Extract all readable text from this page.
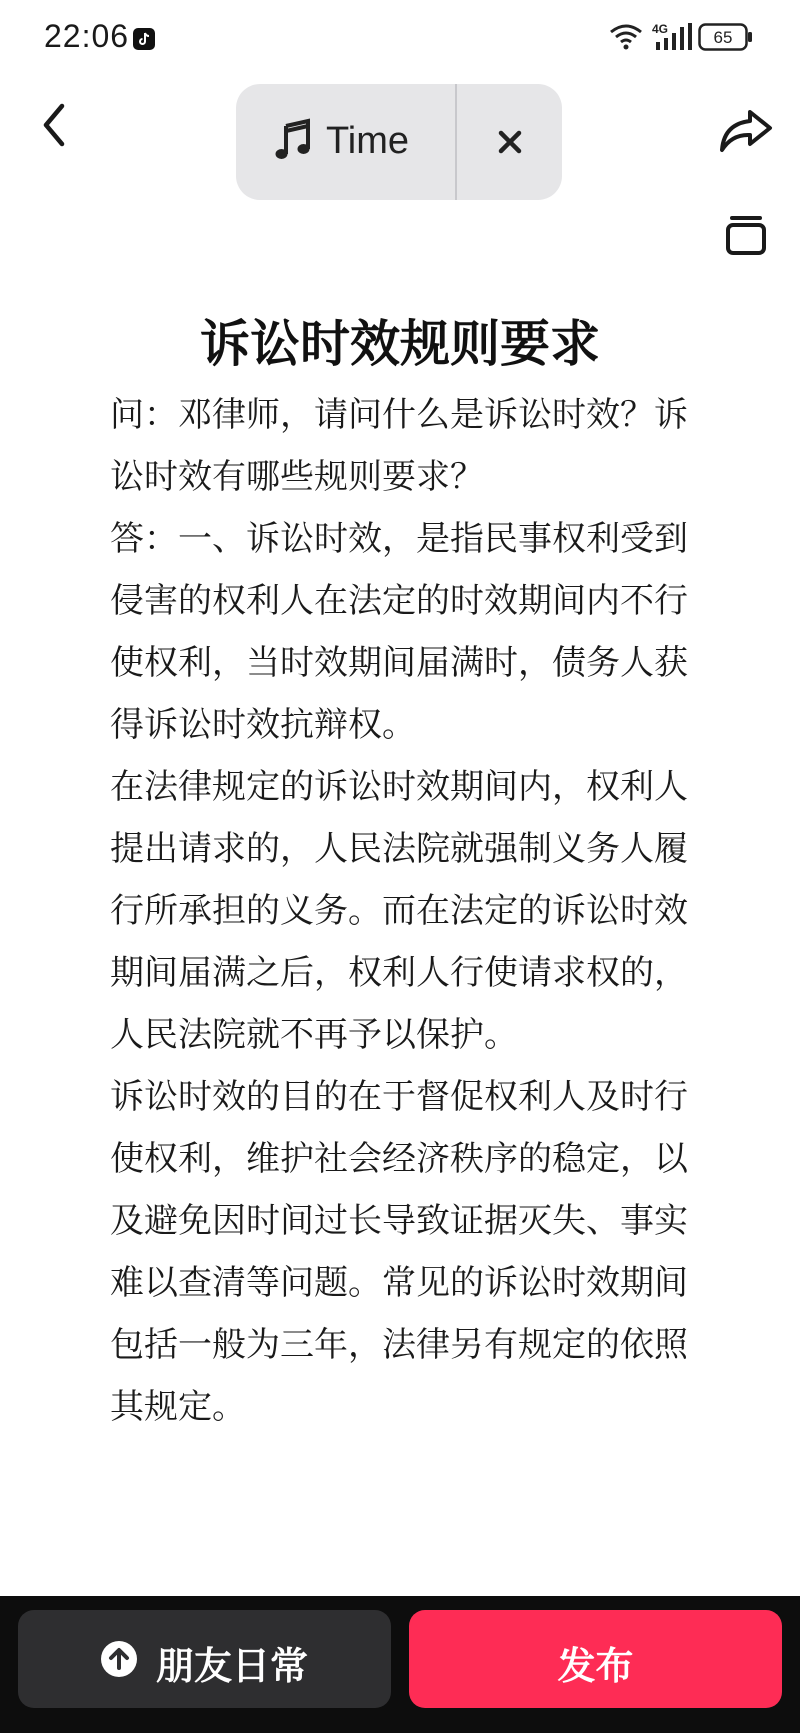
22:06	4G	65
Time
诉讼时效规则要求

问：邓律师，请问什么是诉讼时效？诉讼时效有哪些规则要求？

答：一、诉讼时效，是指民事权利受到侵害的权利人在法定的时效期间内不行使权利，当时效期间届满时，债务人获得诉讼时效抗辩权。

在法律规定的诉讼时效期间内，权利人提出请求的，人民法院就强制义务人履行所承担的义务。而在法定的诉讼时效期间届满之后，权利人行使请求权的，人民法院就不再予以保护。

诉讼时效的目的在于督促权利人及时行使权利，维护社会经济秩序的稳定，以及避免因时间过长导致证据灭失、事实难以查清等问题。常见的诉讼时效期间包括一般为三年，法律另有规定的依照其规定。

朋友日常	发布
